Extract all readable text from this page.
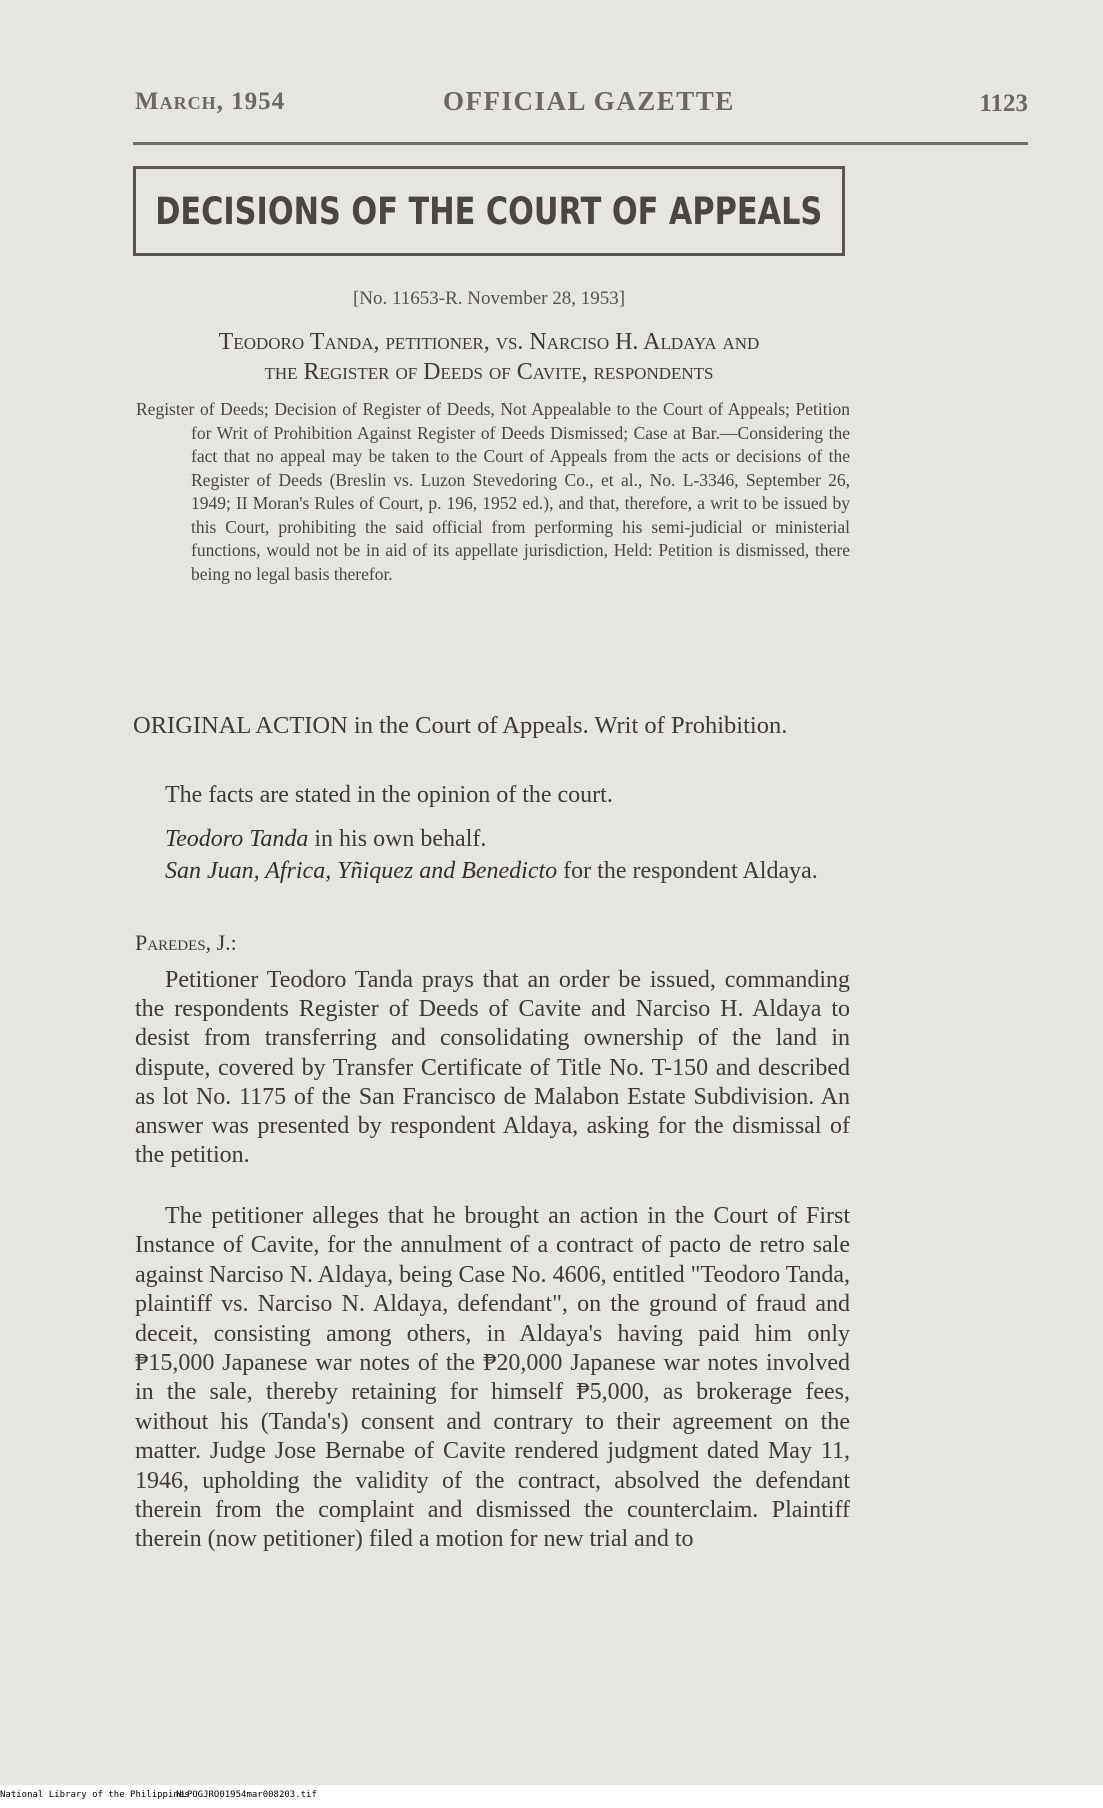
March, 1954	OFFICIAL GAZETTE	1123
DECISIONS OF THE COURT OF APPEALS
[No. 11653-R. November 28, 1953]
Teodoro Tanda, petitioner, vs. Narciso H. Aldaya and
the Register of Deeds of Cavite, respondents
Register of Deeds; Decision of Register of Deeds, Not Appealable to the Court of Appeals; Petition for Writ of Prohibition Against Register of Deeds Dismissed; Case at Bar.—Considering the fact that no appeal may be taken to the Court of Appeals from the acts or decisions of the Register of Deeds (Breslin vs. Luzon Stevedoring Co., et al., No. L-3346, September 26, 1949; II Moran's Rules of Court, p. 196, 1952 ed.), and that, therefore, a writ to be issued by this Court, prohibiting the said official from performing his semi-judicial or ministerial functions, would not be in aid of its appellate jurisdiction, Held: Petition is dismissed, there being no legal basis therefor.
ORIGINAL ACTION in the Court of Appeals. Writ of Prohibition.
The facts are stated in the opinion of the court.
Teodoro Tanda in his own behalf.
San Juan, Africa, Yñiquez and Benedicto for the respondent Aldaya.
Paredes, J.:
Petitioner Teodoro Tanda prays that an order be issued, commanding the respondents Register of Deeds of Cavite and Narciso H. Aldaya to desist from transferring and consolidating ownership of the land in dispute, covered by Transfer Certificate of Title No. T-150 and described as lot No. 1175 of the San Francisco de Malabon Estate Subdivision. An answer was presented by respondent Aldaya, asking for the dismissal of the petition.
The petitioner alleges that he brought an action in the Court of First Instance of Cavite, for the annulment of a contract of pacto de retro sale against Narciso N. Aldaya, being Case No. 4606, entitled "Teodoro Tanda, plaintiff vs. Narciso N. Aldaya, defendant", on the ground of fraud and deceit, consisting among others, in Aldaya's having paid him only ₱15,000 Japanese war notes of the ₱20,000 Japanese war notes involved in the sale, thereby retaining for himself ₱5,000, as brokerage fees, without his (Tanda's) consent and contrary to their agreement on the matter. Judge Jose Bernabe of Cavite rendered judgment dated May 11, 1946, upholding the validity of the contract, absolved the defendant therein from the complaint and dismissed the counterclaim. Plaintiff therein (now petitioner) filed a motion for new trial and to
National Library of the Philippines
NLPOGJRO01954mar008203.tif
